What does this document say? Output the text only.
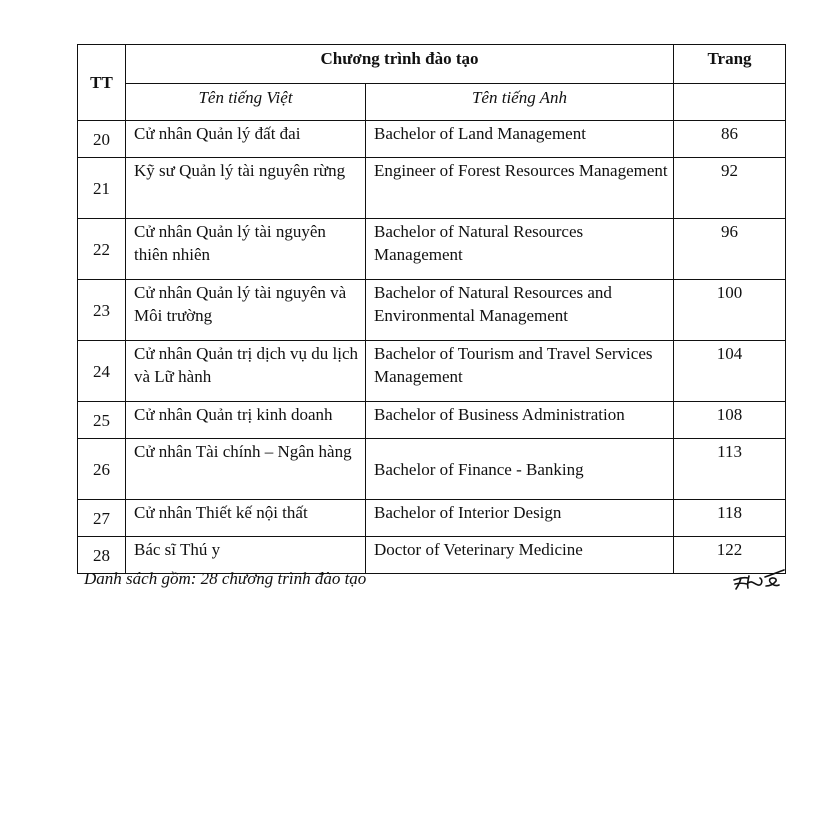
TT	Chương trình đào tạo		Trang
	Tên tiếng Việt	Tên tiếng Anh	
20	Cử nhân Quản lý đất đai	Bachelor of Land Management	86
21	Kỹ sư Quản lý tài nguyên rừng	Engineer of Forest Resources Management	92
22	Cử nhân Quản lý tài nguyên thiên nhiên	Bachelor of Natural Resources Management	96
23	Cử nhân Quản lý tài nguyên và Môi trường	Bachelor of Natural Resources and Environmental Management	100
24	Cử nhân Quản trị dịch vụ du lịch và Lữ hành	Bachelor of Tourism and Travel Services Management	104
25	Cử nhân Quản trị kinh doanh	Bachelor of Business Administration	108
26	Cử nhân Tài chính – Ngân hàng	Bachelor of Finance - Banking	113
27	Cử nhân Thiết kế nội thất	Bachelor of Interior Design	118
28	Bác sĩ Thú y	Doctor of Veterinary Medicine	122
Danh sách gồm: 28 chương trình đào tạo
